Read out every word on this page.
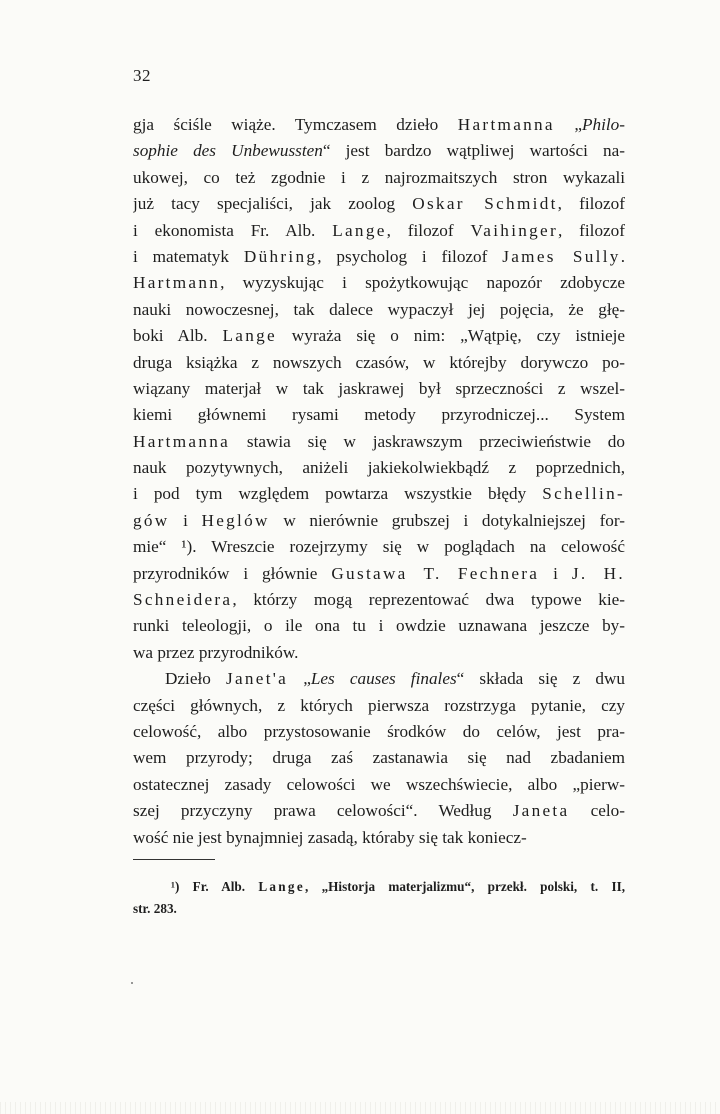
32
gja ściśle wiąże. Tymczasem dzieło Hartmanna „Philo-
sophie des Unbewussten“ jest bardzo wątpliwej wartości na-
ukowej, co też zgodnie i z najrozmaitszych stron wykazali
już tacy specjaliści, jak zoolog Oskar Schmidt, filozof
i ekonomista Fr. Alb. Lange, filozof Vaihinger, filozof
i matematyk Dühring, psycholog i filozof James Sully.
Hartmann, wyzyskując i spożytkowując napozór zdobycze
nauki nowoczesnej, tak dalece wypaczył jej pojęcia, że głę-
boki Alb. Lange wyraża się o nim: „Wątpię, czy istnieje
druga książka z nowszych czasów, w którejby dorywczo po-
wiązany materjał w tak jaskrawej był sprzeczności z wszel-
kiemi głównemi rysami metody przyrodniczej... System
Hartmanna stawia się w jaskrawszym przeciwieństwie do
nauk pozytywnych, aniżeli jakiekolwiekbądź z poprzednich,
i pod tym względem powtarza wszystkie błędy Schellin-
gów i Heglów w nierównie grubszej i dotykalniejszej for-
mie“ ¹). Wreszcie rozejrzymy się w poglądach na celowość
przyrodników i głównie Gustawa T. Fechnera i J. H.
Schneidera, którzy mogą reprezentować dwa typowe kie-
runki teleologji, o ile ona tu i owdzie uznawana jeszcze by-
wa przez przyrodników.
Dzieło Janet'a „Les causes finales“ składa się z dwu
części głównych, z których pierwsza rozstrzyga pytanie, czy
celowość, albo przystosowanie środków do celów, jest pra-
wem przyrody; druga zaś zastanawia się nad zbadaniem
ostatecznej zasady celowości we wszechświecie, albo „pierw-
szej przyczyny prawa celowości“. Według Janeta celo-
wość nie jest bynajmniej zasadą, któraby się tak koniecz-
¹) Fr. Alb. Lange, „Historja materjalizmu“, przekł. polski, t. II,
str. 283.
